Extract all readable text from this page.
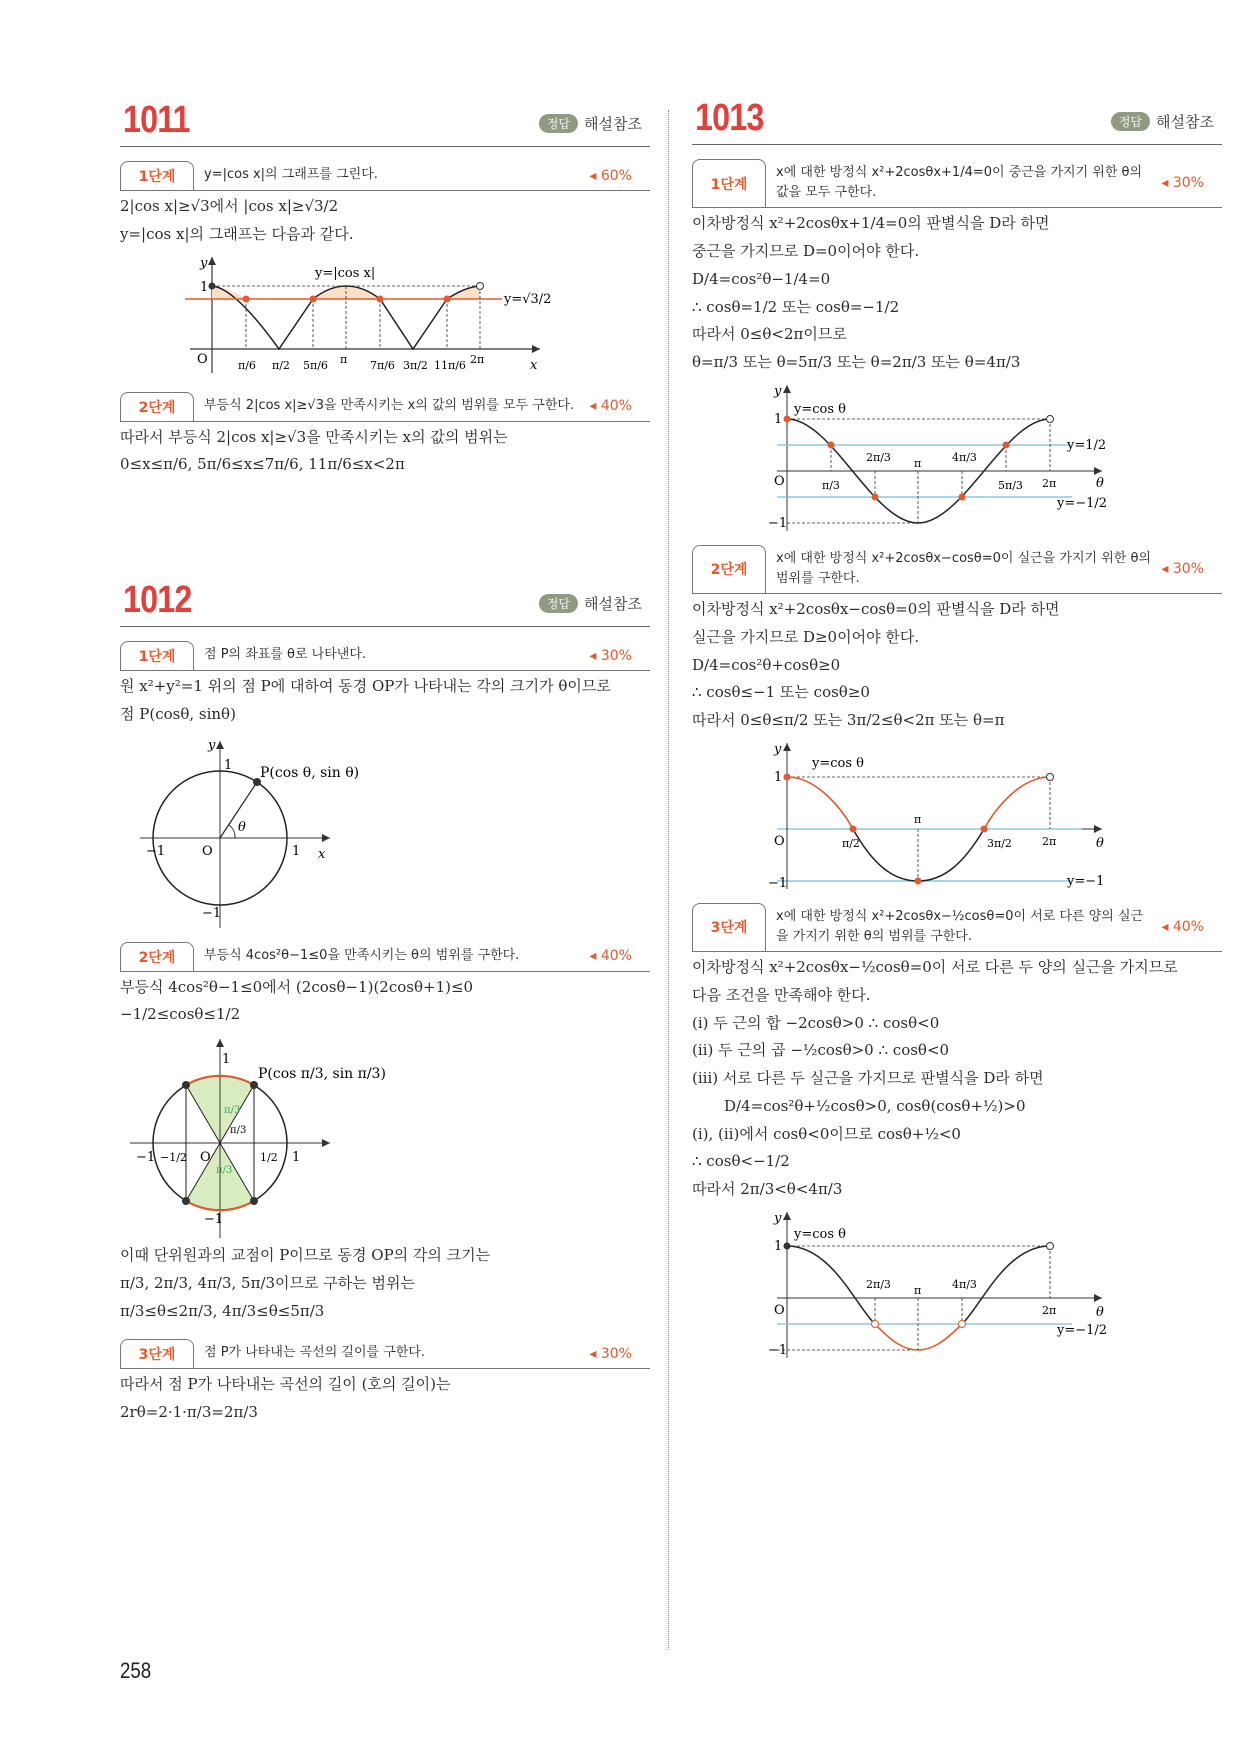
1011	정답 해설참조
1단계	y=|cos x|의 그래프를 그린다.	◂ 60%
2|cos x|≥√3에서 |cos x|≥√3/2
y=|cos x|의 그래프는 다음과 같다.
y
x
O
1
y=|cos x|
y=√3/2
π/6 π/2 5π/6 π 7π/6 3π/2 11π/6 2π
2단계	부등식 2|cos x|≥√3을 만족시키는 x의 값의 범위를 모두 구한다.	◂ 40%
따라서 부등식 2|cos x|≥√3을 만족시키는 x의 값의 범위는
0≤x≤π/6, 5π/6≤x≤7π/6, 11π/6≤x<2π
1012	정답 해설참조
1단계	점 P의 좌표를 θ로 나타낸다.	◂ 30%
원 x²+y²=1 위의 점 P에 대하여 동경 OP가 나타내는 각의 크기가 θ이므로
점 P(cosθ, sinθ)
y
x
O
−1	1
1
−1
θ
P(cos θ, sin θ)
2단계	부등식 4cos²θ−1≤0을 만족시키는 θ의 범위를 구한다.	◂ 40%
부등식 4cos²θ−1≤0에서 (2cosθ−1)(2cosθ+1)≤0
−1/2≤cosθ≤1/2
P(cos π/3, sin π/3)
−1	1
1
−1
O	1/2
−1/2
π/3
π/3
π/3
이때 단위원과의 교점이 P이므로 동경 OP의 각의 크기는
π/3, 2π/3, 4π/3, 5π/3이므로 구하는 범위는
π/3≤θ≤2π/3, 4π/3≤θ≤5π/3
3단계	점 P가 나타내는 곡선의 길이를 구한다.	◂ 30%
따라서 점 P가 나타내는 곡선의 길이 (호의 길이)는
2rθ=2·1·π/3=2π/3
1013	정답 해설참조
1단계
x에 대한 방정식 x²+2cosθx+1/4=0이 중근을 가지기 위한 θ의 값을 모두 구한다.
◂ 30%
이차방정식 x²+2cosθx+1/4=0의 판별식을 D라 하면
중근을 가지므로 D=0이어야 한다.
D/4=cos²θ−1/4=0
∴ cosθ=1/2 또는 cosθ=−1/2
따라서 0≤θ<2π이므로
θ=π/3 또는 θ=5π/3 또는 θ=2π/3 또는 θ=4π/3
y
1
O
−1
θ
y=cos θ
y=1/2
y=−1/2
π/3
2π/3 π	4π/3
5π/3 2π
2단계
x에 대한 방정식 x²+2cosθx−cosθ=0이 실근을 가지기 위한 θ의 범위를 구한다.
◂ 30%
이차방정식 x²+2cosθx−cosθ=0의 판별식을 D라 하면
실근을 가지므로 D≥0이어야 한다.
D/4=cos²θ+cosθ≥0
∴ cosθ≤−1 또는 cosθ≥0
따라서 0≤θ≤π/2 또는 3π/2≤θ<2π 또는 θ=π
y
1
O
−1
θ
y=cos θ
y=−1
π/2
π
3π/2	2π
3단계
x에 대한 방정식 x²+2cosθx−½cosθ=0이 서로 다른 양의 실근을 가지기 위한 θ의 범위를 구한다.
◂ 40%
이차방정식 x²+2cosθx−½cosθ=0이 서로 다른 두 양의 실근을 가지므로
다음 조건을 만족해야 한다.
(ⅰ) 두 근의 합 −2cosθ>0 ∴ cosθ<0
(ⅱ) 두 근의 곱 −½cosθ>0 ∴ cosθ<0
(ⅲ) 서로 다른 두 실근을 가지므로 판별식을 D라 하면
D/4=cos²θ+½cosθ>0, cosθ(cosθ+½)>0
(ⅰ), (ⅱ)에서 cosθ<0이므로 cosθ+½<0
∴ cosθ<−1/2
따라서 2π/3<θ<4π/3
y
1
O
−1
θ
y=cos θ
y=−1/2
2π/3 π	4π/3
2π
258
